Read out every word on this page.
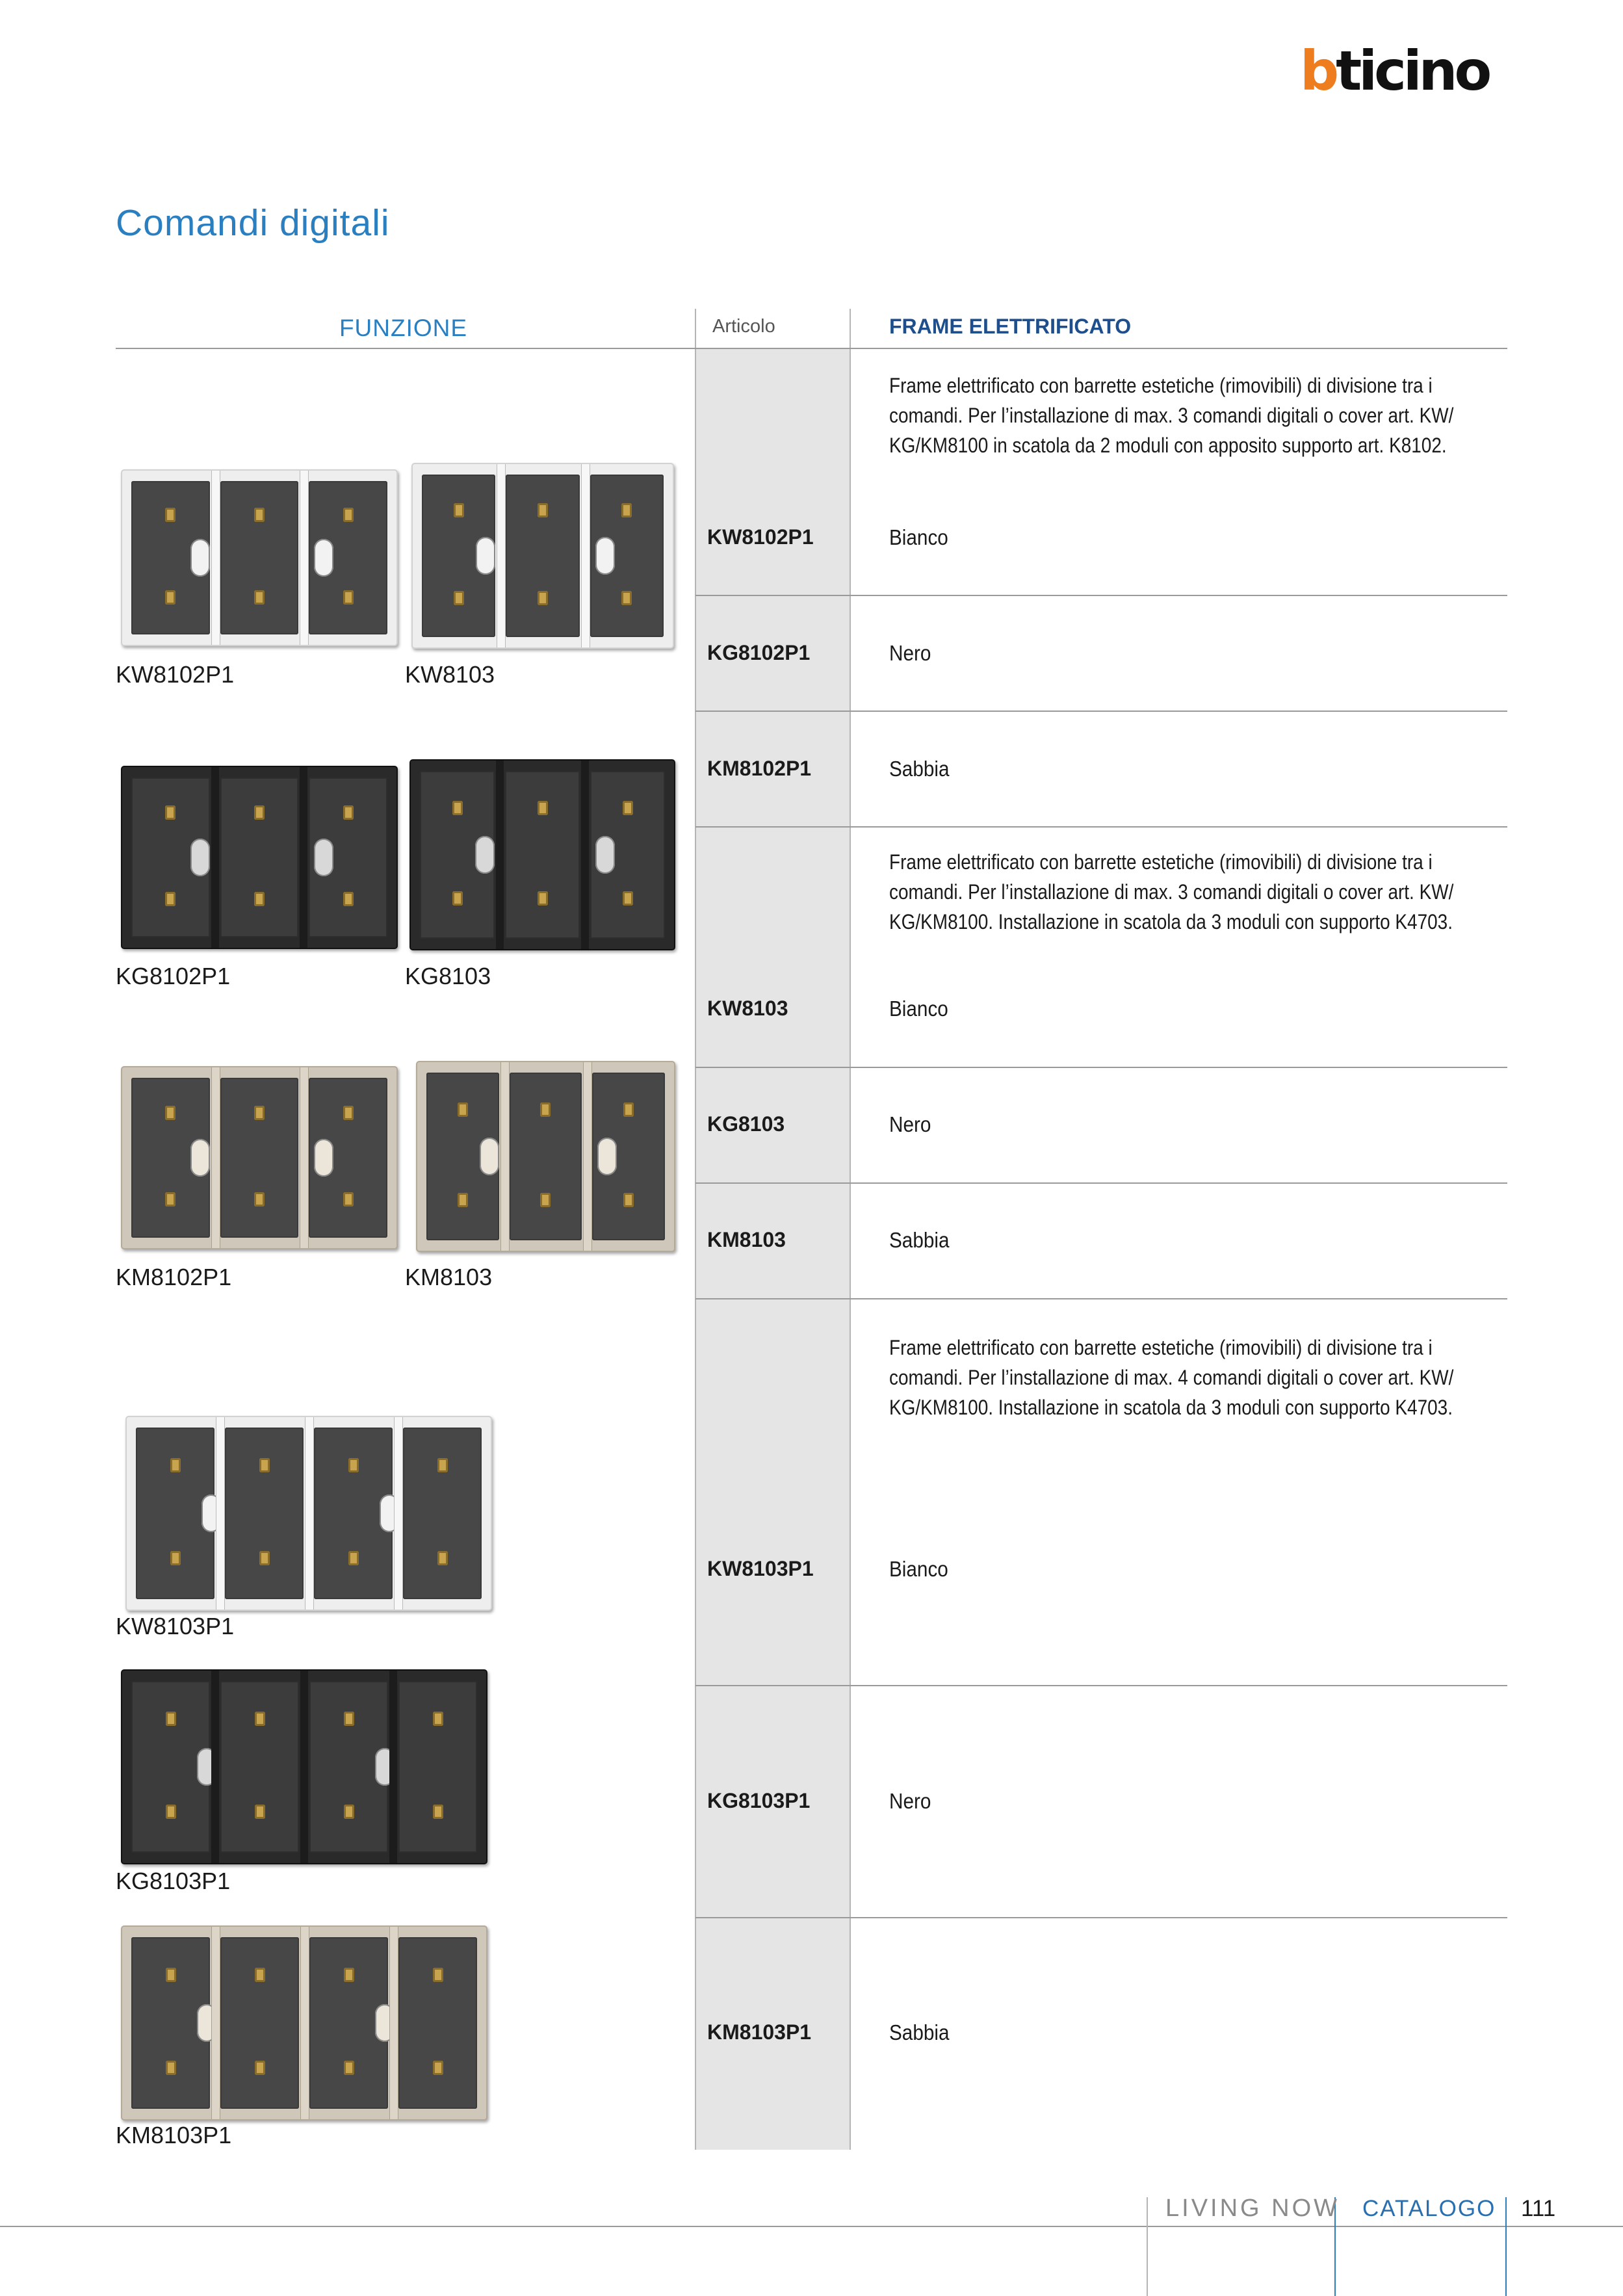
bticino
Comandi digitali
FUNZIONE	Articolo	FRAME ELETTRIFICATO
Frame elettrificato con barrette estetiche (rimovibili) di divisione tra i comandi. Per l’installazione di max. 3 comandi digitali o cover art. KW/ KG/KM8100 in scatola da 2 moduli con apposito supporto art. K8102.
KW8102P1	Bianco
KG8102P1	Nero
KM8102P1	Sabbia
Frame elettrificato con barrette estetiche (rimovibili) di divisione tra i comandi. Per l’installazione di max. 3 comandi digitali o cover art. KW/ KG/KM8100. Installazione in scatola da 3 moduli con supporto K4703.
KW8103	Bianco
KG8103	Nero
KM8103	Sabbia
Frame elettrificato con barrette estetiche (rimovibili) di divisione tra i comandi. Per l’installazione di max. 4 comandi digitali o cover art. KW/ KG/KM8100. Installazione in scatola da 3 moduli con supporto K4703.
KW8103P1	Bianco
KG8103P1	Nero
KM8103P1	Sabbia
KW8102P1	KW8103
KG8102P1	KG8103
KM8102P1	KM8103
KW8103P1
KG8103P1
KM8103P1
LIVING NOW CATALOGO 111
